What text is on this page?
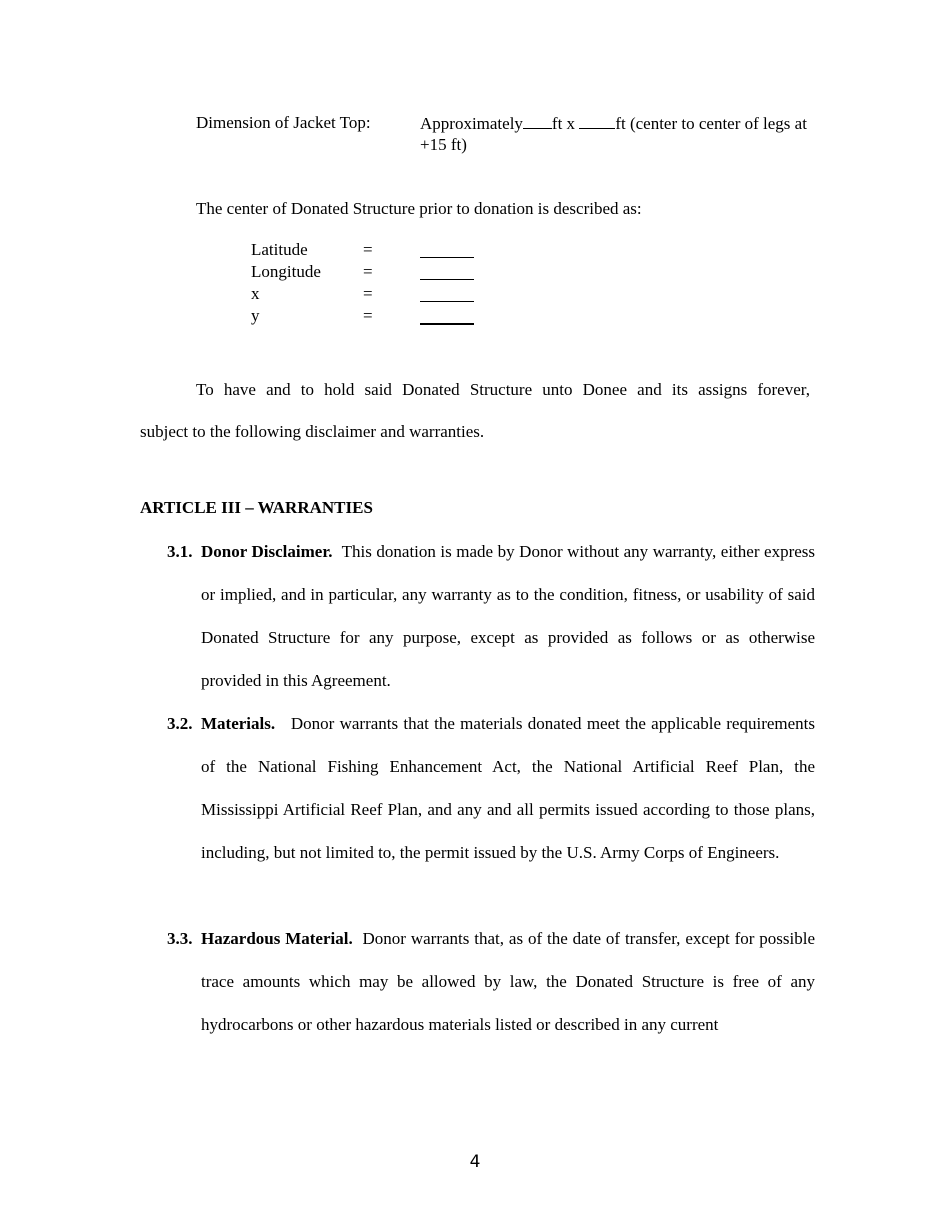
Dimension of Jacket Top:	Approximately ft x ft (center to center of legs at +15 ft)
The center of Donated Structure prior to donation is described as:
Latitude	=
Longitude =
x	=
y	=
To have and to hold said Donated Structure unto Donee and its assigns forever,
subject to the following disclaimer and warranties.
ARTICLE III – WARRANTIES
3.1. Donor Disclaimer. This donation is made by Donor without any warranty, either express or implied, and in particular, any warranty as to the condition, fitness, or usability of said Donated Structure for any purpose, except as provided as follows or as otherwise provided in this Agreement.
3.2. Materials. Donor warrants that the materials donated meet the applicable requirements of the National Fishing Enhancement Act, the National Artificial Reef Plan, the Mississippi Artificial Reef Plan, and any and all permits issued according to those plans, including, but not limited to, the permit issued by the U.S. Army Corps of Engineers.
3.3. Hazardous Material. Donor warrants that, as of the date of transfer, except for possible trace amounts which may be allowed by law, the Donated Structure is free of any hydrocarbons or other hazardous materials listed or described in any current
4
